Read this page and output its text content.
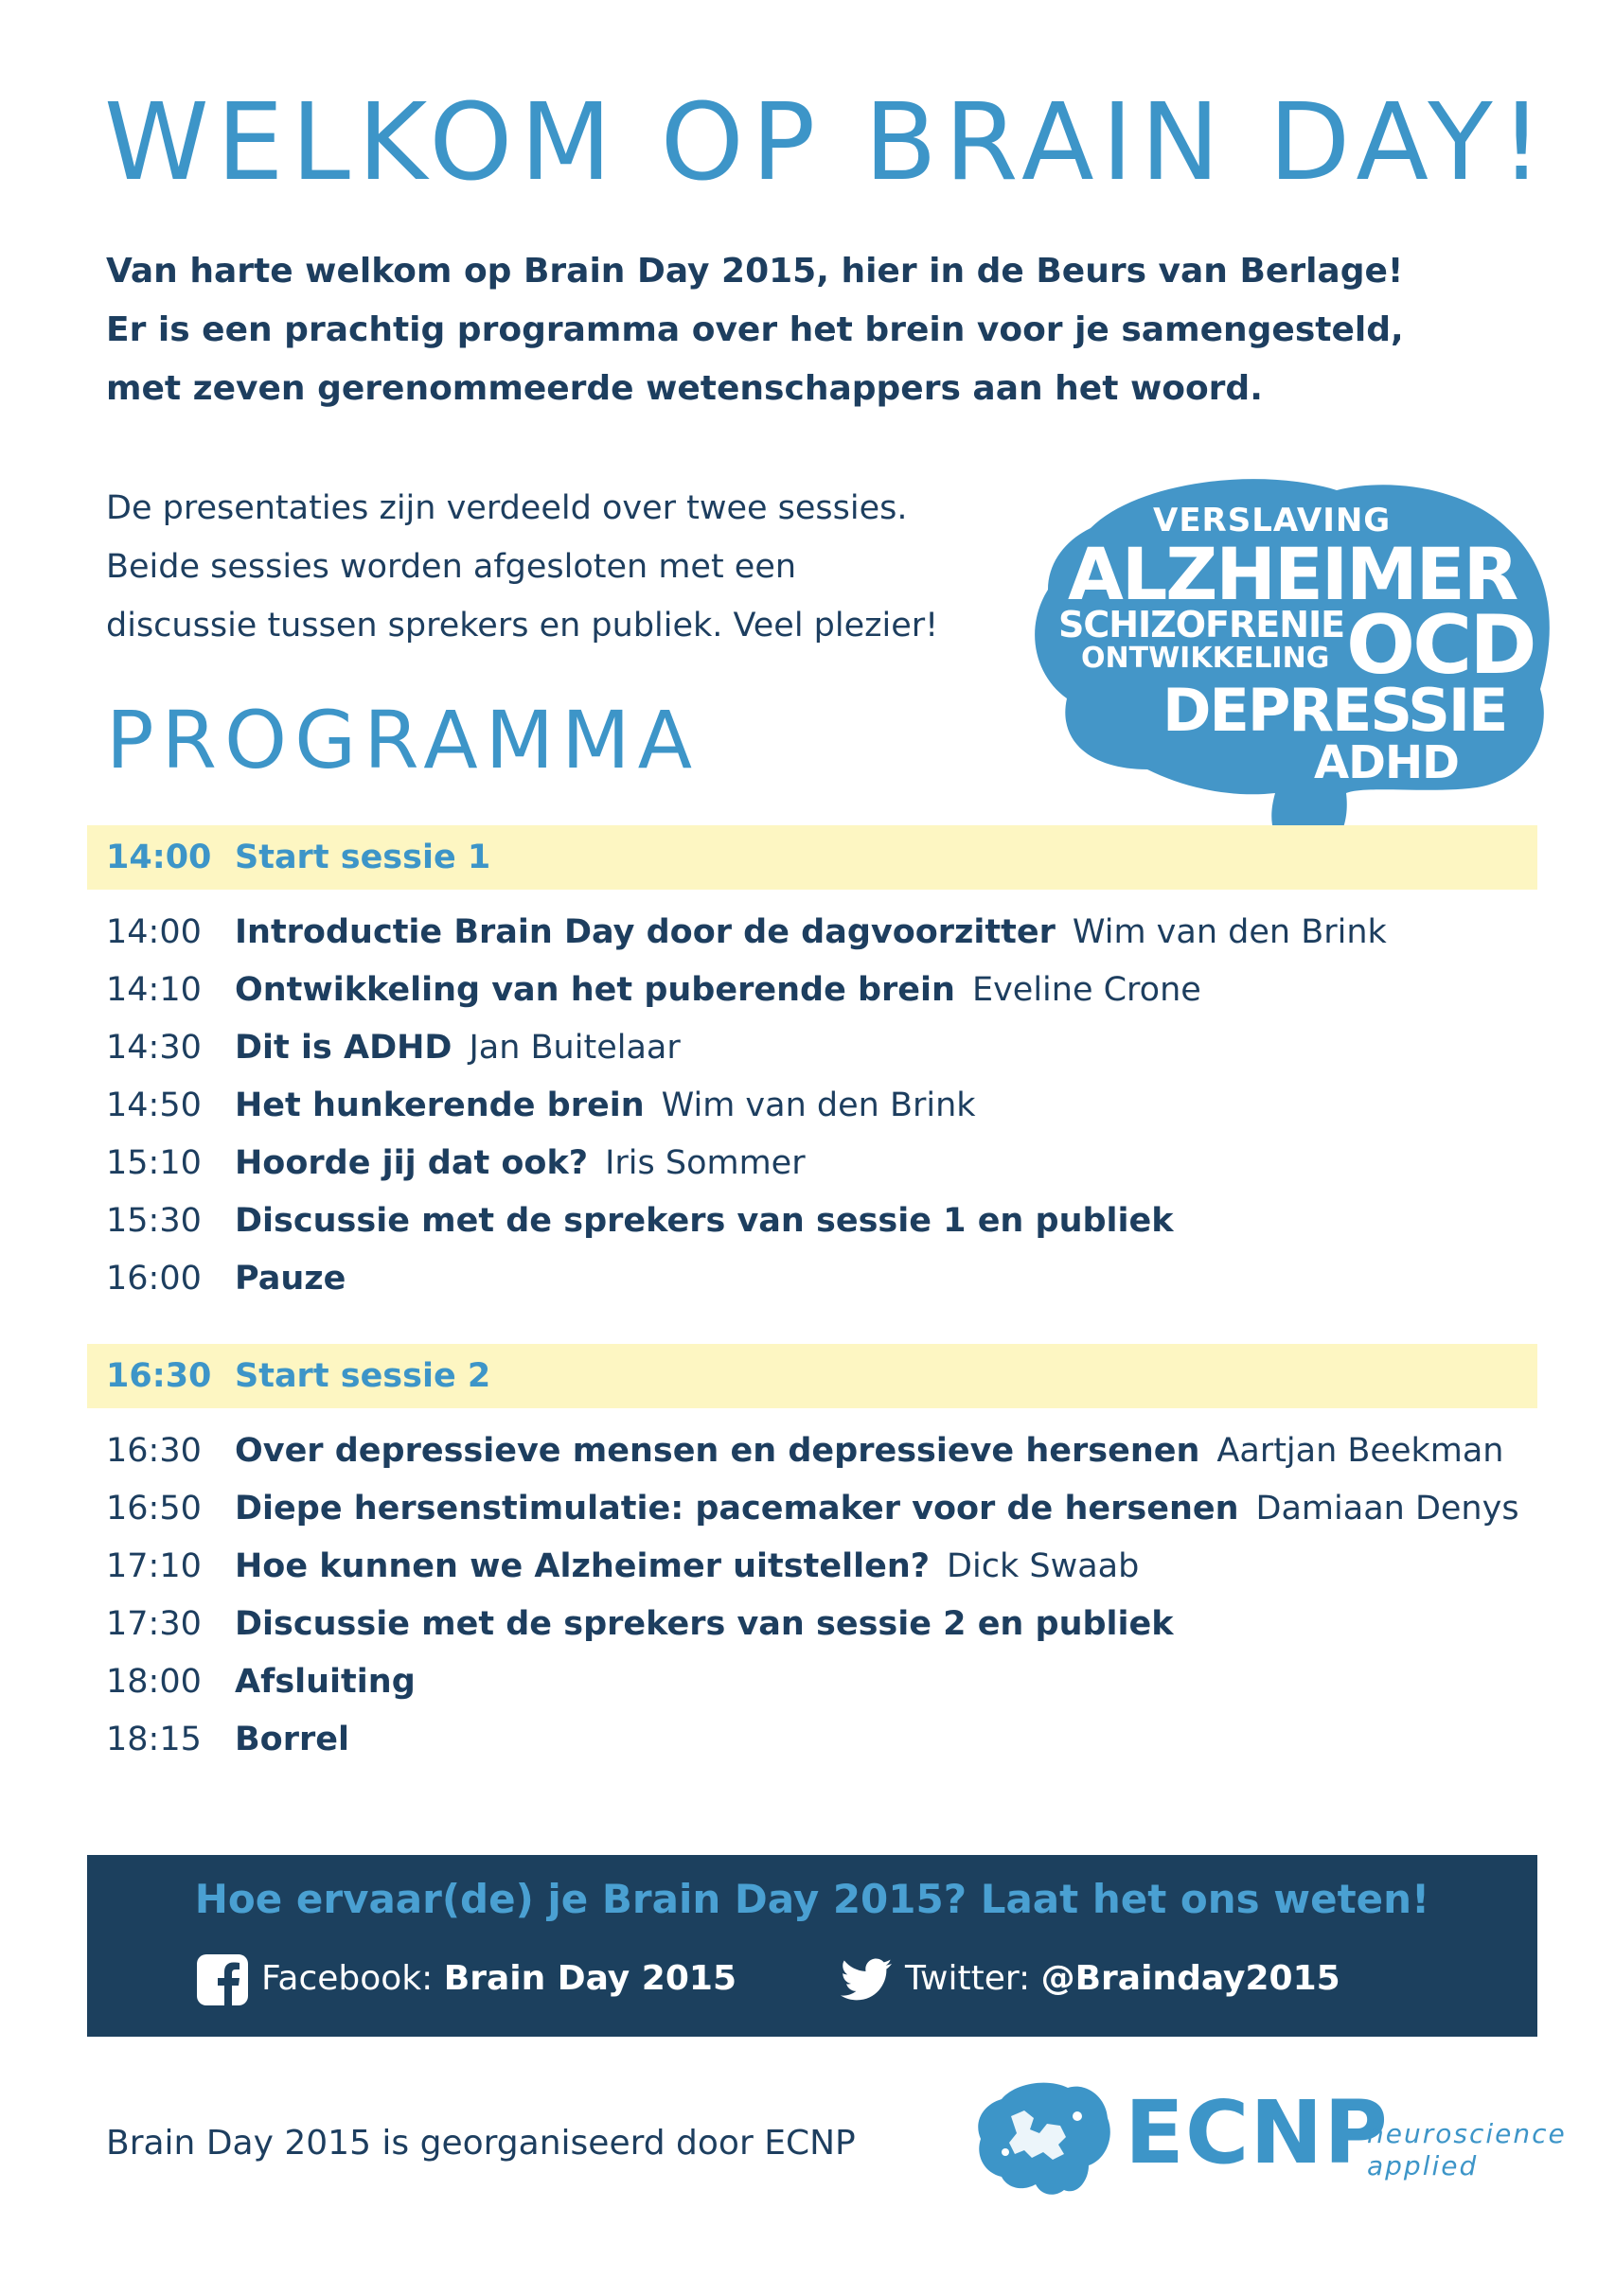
WELKOM OP BRAIN DAY!
Van harte welkom op Brain Day 2015, hier in de Beurs van Berlage!
Er is een prachtig programma over het brein voor je samengesteld,
met zeven gerenommeerde wetenschappers aan het woord.
De presentaties zijn verdeeld over twee sessies.
Beide sessies worden afgesloten met een
discussie tussen sprekers en publiek. Veel plezier!
VERSLAVING
ALZHEIMER
SCHIZOFRENIE
ONTWIKKELING OCD
DEPRESSIE
ADHD
PROGRAMMA
14:00 Start sessie 1
14:00 Introductie Brain Day door de dagvoorzitter Wim van den Brink
14:10 Ontwikkeling van het puberende brein Eveline Crone
14:30 Dit is ADHD Jan Buitelaar
14:50 Het hunkerende brein Wim van den Brink
15:10 Hoorde jij dat ook? Iris Sommer
15:30 Discussie met de sprekers van sessie 1 en publiek
16:00 Pauze
16:30 Start sessie 2
16:30 Over depressieve mensen en depressieve hersenen Aartjan Beekman
16:50 Diepe hersenstimulatie: pacemaker voor de hersenen Damiaan Denys
17:10 Hoe kunnen we Alzheimer uitstellen? Dick Swaab
17:30 Discussie met de sprekers van sessie 2 en publiek
18:00 Afsluiting
18:15 Borrel
Hoe ervaar(de) je Brain Day 2015? Laat het ons weten!
Facebook: Brain Day 2015	Twitter: @Brainday2015
Brain Day 2015 is georganiseerd door ECNP	ECNP
neuroscience
applied
